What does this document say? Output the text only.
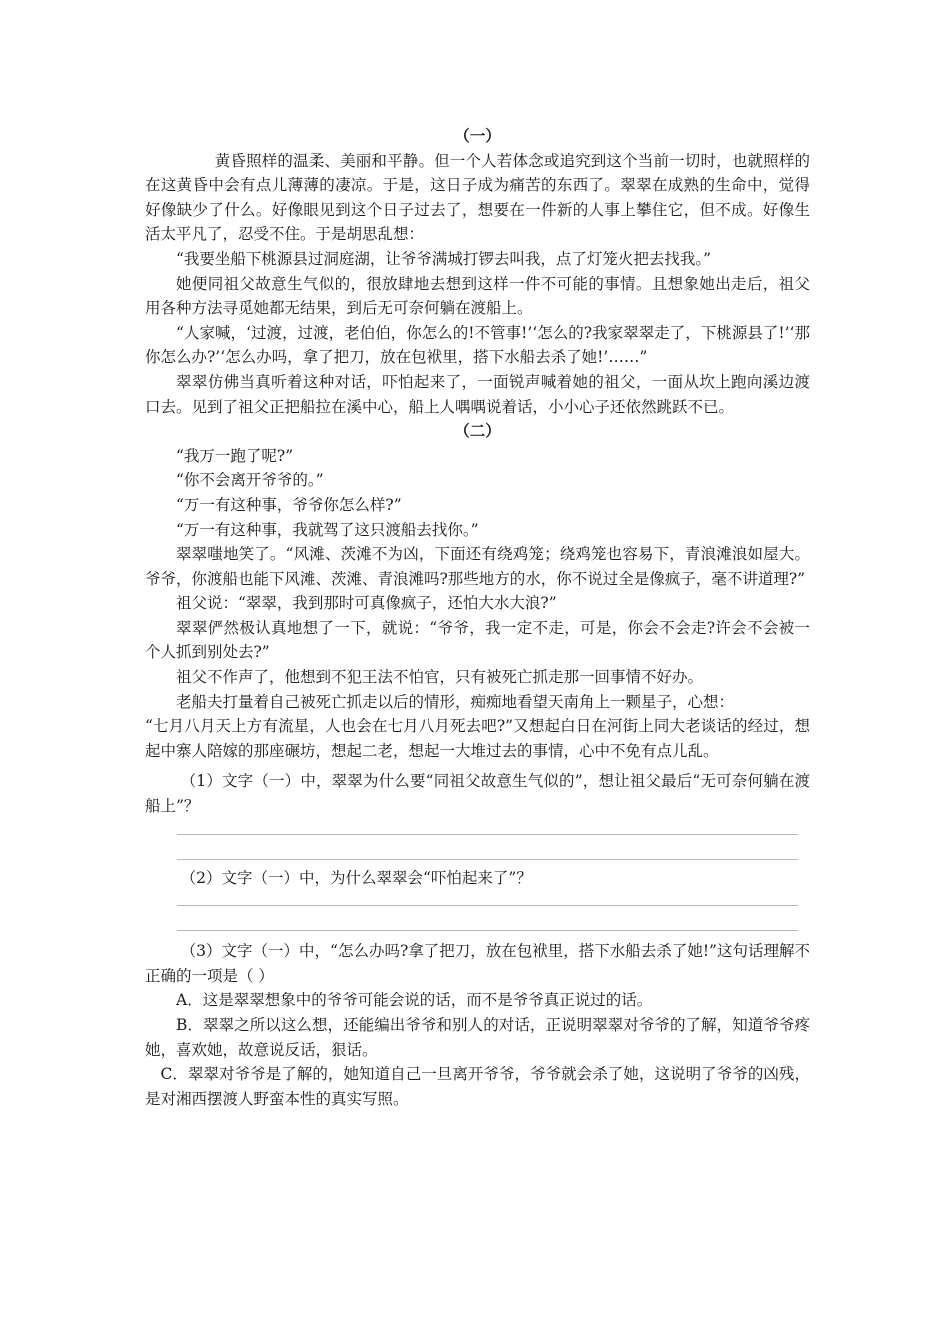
（一）

黄昏照样的温柔、美丽和平静。但一个人若体念或追究到这个当前一切时，也就照样的在这黄昏中会有点儿薄薄的凄凉。于是，这日子成为痛苦的东西了。翠翠在成熟的生命中，觉得好像缺少了什么。好像眼见到这个日子过去了，想要在一件新的人事上攀住它，但不成。好像生活太平凡了，忍受不住。于是胡思乱想：

“我要坐船下桃源县过洞庭湖，让爷爷满城打锣去叫我，点了灯笼火把去找我。”

她便同祖父故意生气似的，很放肆地去想到这样一件不可能的事情。且想象她出走后，祖父用各种方法寻觅她都无结果，到后无可奈何躺在渡船上。

“人家喊，‘过渡，过渡，老伯伯，你怎么的!不管事!’‘怎么的?我家翠翠走了，下桃源县了!’‘那你怎么办?’‘怎么办吗，拿了把刀，放在包袱里，搭下水船去杀了她!’……”

翠翠仿佛当真听着这种对话，吓怕起来了，一面锐声喊着她的祖父，一面从坎上跑向溪边渡口去。见到了祖父正把船拉在溪中心，船上人喁喁说着话，小小心子还依然跳跃不已。

（二）

“我万一跑了呢?”

“你不会离开爷爷的。”

“万一有这种事，爷爷你怎么样?”

“万一有这种事，我就驾了这只渡船去找你。”

翠翠嗤地笑了。“风滩、茨滩不为凶，下面还有绕鸡笼；绕鸡笼也容易下，青浪滩浪如屋大。爷爷，你渡船也能下风滩、茨滩、青浪滩吗?那些地方的水，你不说过全是像疯子，毫不讲道理?”

祖父说：“翠翠，我到那时可真像疯子，还怕大水大浪?”

翠翠俨然极认真地想了一下，就说：“爷爷，我一定不走，可是，你会不会走?许会不会被一个人抓到别处去?”

祖父不作声了，他想到不犯王法不怕官，只有被死亡抓走那一回事情不好办。

老船夫打量着自己被死亡抓走以后的情形，痴痴地看望天南角上一颗星子，心想：

“七月八月天上方有流星，人也会在七月八月死去吧?”又想起白日在河街上同大老谈话的经过，想起中寨人陪嫁的那座碾坊，想起二老，想起一大堆过去的事情，心中不免有点儿乱。

（1）文字（一）中，翠翠为什么要“同祖父故意生气似的”，想让祖父最后“无可奈何躺在渡船上”？

（2）文字（一）中，为什么翠翠会“吓怕起来了”？

（3）文字（一）中，“怎么办吗?拿了把刀，放在包袱里，搭下水船去杀了她!”这句话理解不正确的一项是（ ）

A．这是翠翠想象中的爷爷可能会说的话，而不是爷爷真正说过的话。

B．翠翠之所以这么想，还能编出爷爷和别人的对话，正说明翠翠对爷爷的了解，知道爷爷疼她，喜欢她，故意说反话，狠话。

C．翠翠对爷爷是了解的，她知道自己一旦离开爷爷，爷爷就会杀了她，这说明了爷爷的凶残，是对湘西摆渡人野蛮本性的真实写照。
